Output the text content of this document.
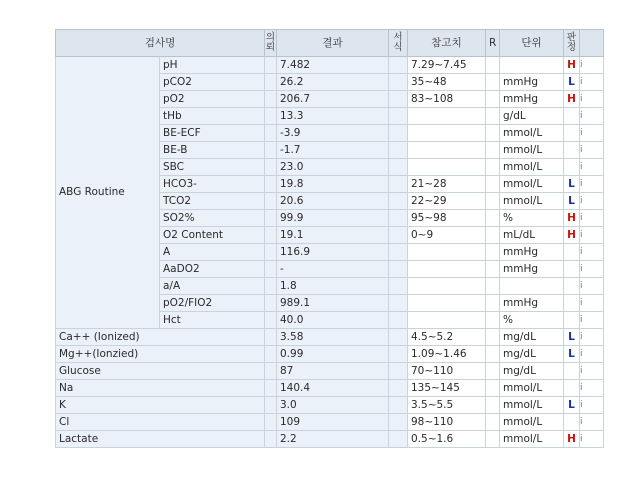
검사명		의뢰	결과	서식	참고치	R	단위	판정	
ABG Routine	pH		7.482		7.29~7.45			H	i
	pCO2		26.2		35~48		mmHg	L	i
	pO2		206.7		83~108		mmHg	H	i
	tHb		13.3				g/dL		i
	BE-ECF		-3.9				mmol/L		i
	BE-B		-1.7				mmol/L		i
	SBC		23.0				mmol/L		i
	HCO3-		19.8		21~28		mmol/L	L	i
	TCO2		20.6		22~29		mmol/L	L	i
	SO2%		99.9		95~98		%	H	i
	O2 Content		19.1		0~9		mL/dL	H	i
	A		116.9				mmHg		i
	AaDO2		-				mmHg		i
	a/A		1.8						i
	pO2/FIO2		989.1				mmHg		i
	Hct		40.0				%		i
Ca++ (Ionized)			3.58		4.5~5.2		mg/dL	L	i
Mg++(Ionzied)			0.99		1.09~1.46		mg/dL	L	i
Glucose			87		70~110		mg/dL		i
Na			140.4		135~145		mmol/L		i
K			3.0		3.5~5.5		mmol/L	L	i
Cl			109		98~110		mmol/L		i
Lactate			2.2		0.5~1.6		mmol/L	H	i
